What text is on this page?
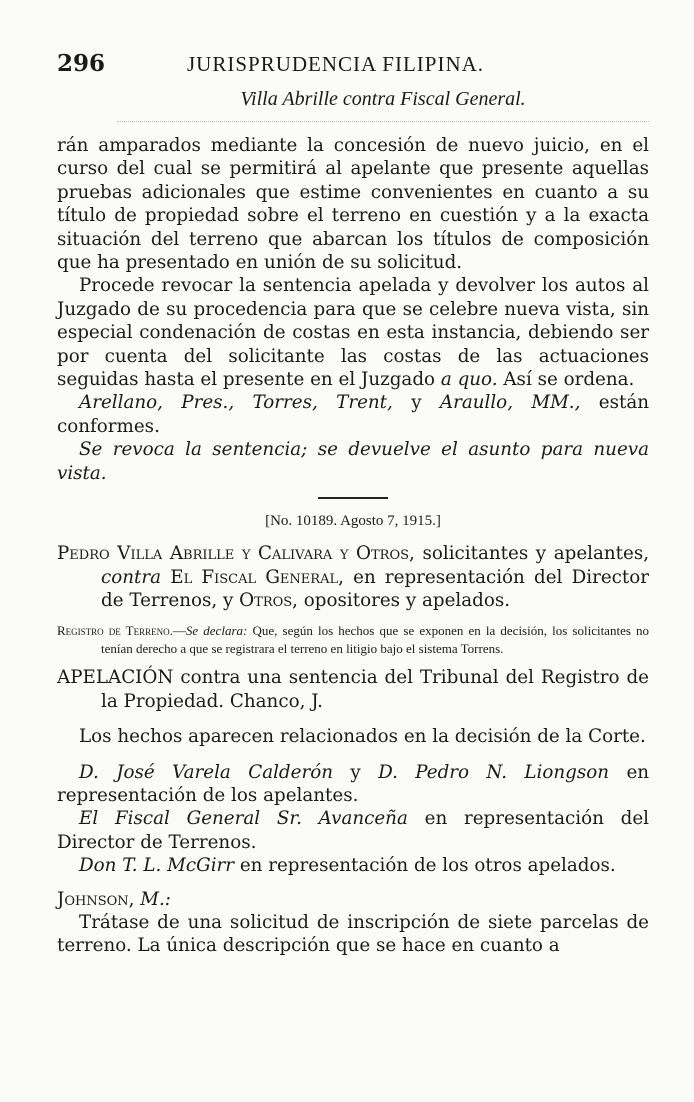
296	JURISPRUDENCIA FILIPINA.
Villa Abrille contra Fiscal General.

rán amparados mediante la concesión de nuevo juicio, en el curso del cual se permitirá al apelante que presente aquellas pruebas adicionales que estime convenientes en cuanto a su título de propiedad sobre el terreno en cuestión y a la exacta situación del terreno que abarcan los títulos de composición que ha presentado en unión de su solicitud.

Procede revocar la sentencia apelada y devolver los autos al Juzgado de su procedencia para que se celebre nueva vista, sin especial condenación de costas en esta instancia, debiendo ser por cuenta del solicitante las costas de las actuaciones seguidas hasta el presente en el Juzgado a quo. Así se ordena.

Arellano, Pres., Torres, Trent, y Araullo, MM., están conformes.

Se revoca la sentencia; se devuelve el asunto para nueva vista.

[No. 10189. Agosto 7, 1915.]

Pedro Villa Abrille y Calivara y Otros, solicitantes y apelantes, contra El Fiscal General, en representación del Director de Terrenos, y Otros, opositores y apelados.

Registro de Terreno.—Se declara: Que, según los hechos que se exponen en la decisión, los solicitantes no tenían derecho a que se registrara el terreno en litigio bajo el sistema Torrens.

APELACIÓN contra una sentencia del Tribunal del Registro de la Propiedad. Chanco, J.

Los hechos aparecen relacionados en la decisión de la Corte.

D. José Varela Calderón y D. Pedro N. Liongson en representación de los apelantes.

El Fiscal General Sr. Avanceña en representación del Director de Terrenos.

Don T. L. McGirr en representación de los otros apelados.

Johnson, M.:

Trátase de una solicitud de inscripción de siete parcelas de terreno. La única descripción que se hace en cuanto a
